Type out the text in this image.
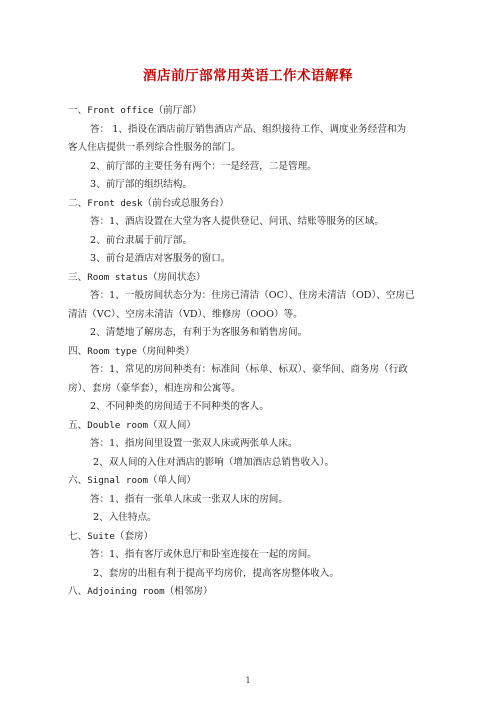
酒店前厅部常用英语工作术语解释
一、Front office（前厅部）
答： 1、指设在酒店前厅销售酒店产品、组织接待工作、调度业务经营和为
客人住店提供一系列综合性服务的部门。
2、前厅部的主要任务有两个：一是经营，二是管理。
3、前厅部的组织结构。
二、Front desk（前台或总服务台）
答：1、酒店设置在大堂为客人提供登记、问讯、结账等服务的区域。
2、前台隶属于前厅部。
3、前台是酒店对客服务的窗口。
三、Room status（房间状态）
答：1、一般房间状态分为：住房已清洁（OC）、住房未清洁（OD）、空房已
清洁（VC）、空房未清洁（VD）、维修房（OOO）等。
2、清楚地了解房态，有利于为客服务和销售房间。
四、Room type（房间种类）
答：1、常见的房间种类有：标准间（标单、标双）、豪华间、商务房（行政
房）、套房（豪华套），相连房和公寓等。
2、不同种类的房间适于不同种类的客人。
五、Double room（双人间）
答：1、指房间里设置一张双人床或两张单人床。
2、双人间的入住对酒店的影响（增加酒店总销售收入）。
六、Signal room（单人间）
答：1、指有一张单人床或一张双人床的房间。
2、入住特点。
七、Suite（套房）
答：1、指有客厅或休息厅和卧室连接在一起的房间。
2、套房的出租有利于提高平均房价，提高客房整体收入。
八、Adjoining room（相邻房）
1
